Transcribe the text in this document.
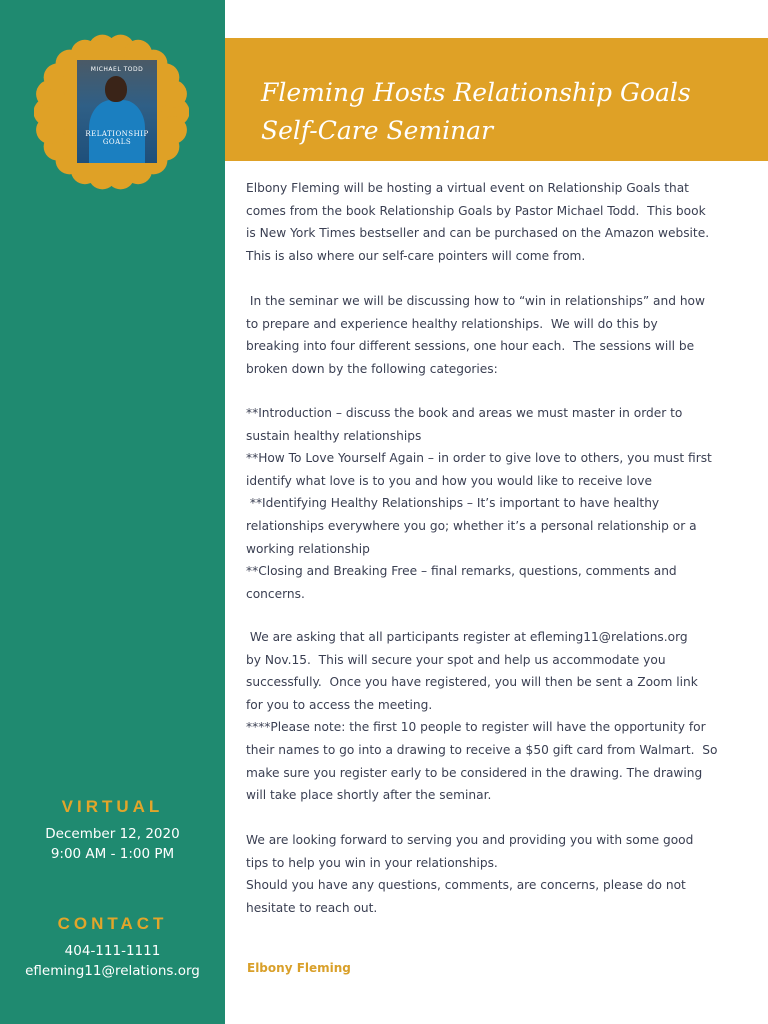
MICHAEL TODD
RELATIONSHIP
GOALS
VIRTUAL
December 12, 2020
9:00 AM - 1:00 PM
CONTACT
404-111-1111
efleming11@relations.org
Fleming Hosts Relationship Goals
Self-Care Seminar

Elbony Fleming will be hosting a virtual event on Relationship Goals that

comes from the book Relationship Goals by Pastor Michael Todd.  This book

is New York Times bestseller and can be purchased on the Amazon website.

This is also where our self-care pointers will come from.

In the seminar we will be discussing how to “win in relationships” and how

to prepare and experience healthy relationships.  We will do this by

breaking into four different sessions, one hour each.  The sessions will be

broken down by the following categories:

**Introduction – discuss the book and areas we must master in order to

sustain healthy relationships

**How To Love Yourself Again – in order to give love to others, you must first

identify what love is to you and how you would like to receive love

**Identifying Healthy Relationships – It’s important to have healthy

relationships everywhere you go; whether it’s a personal relationship or a

working relationship

**Closing and Breaking Free – final remarks, questions, comments and

concerns.

We are asking that all participants register at efleming11@relations.org

by Nov.15.  This will secure your spot and help us accommodate you

successfully.  Once you have registered, you will then be sent a Zoom link

for you to access the meeting.

****Please note: the first 10 people to register will have the opportunity for

their names to go into a drawing to receive a $50 gift card from Walmart.  So

make sure you register early to be considered in the drawing. The drawing

will take place shortly after the seminar.

We are looking forward to serving you and providing you with some good

tips to help you win in your relationships.

Should you have any questions, comments, are concerns, please do not

hesitate to reach out.

Elbony Fleming
